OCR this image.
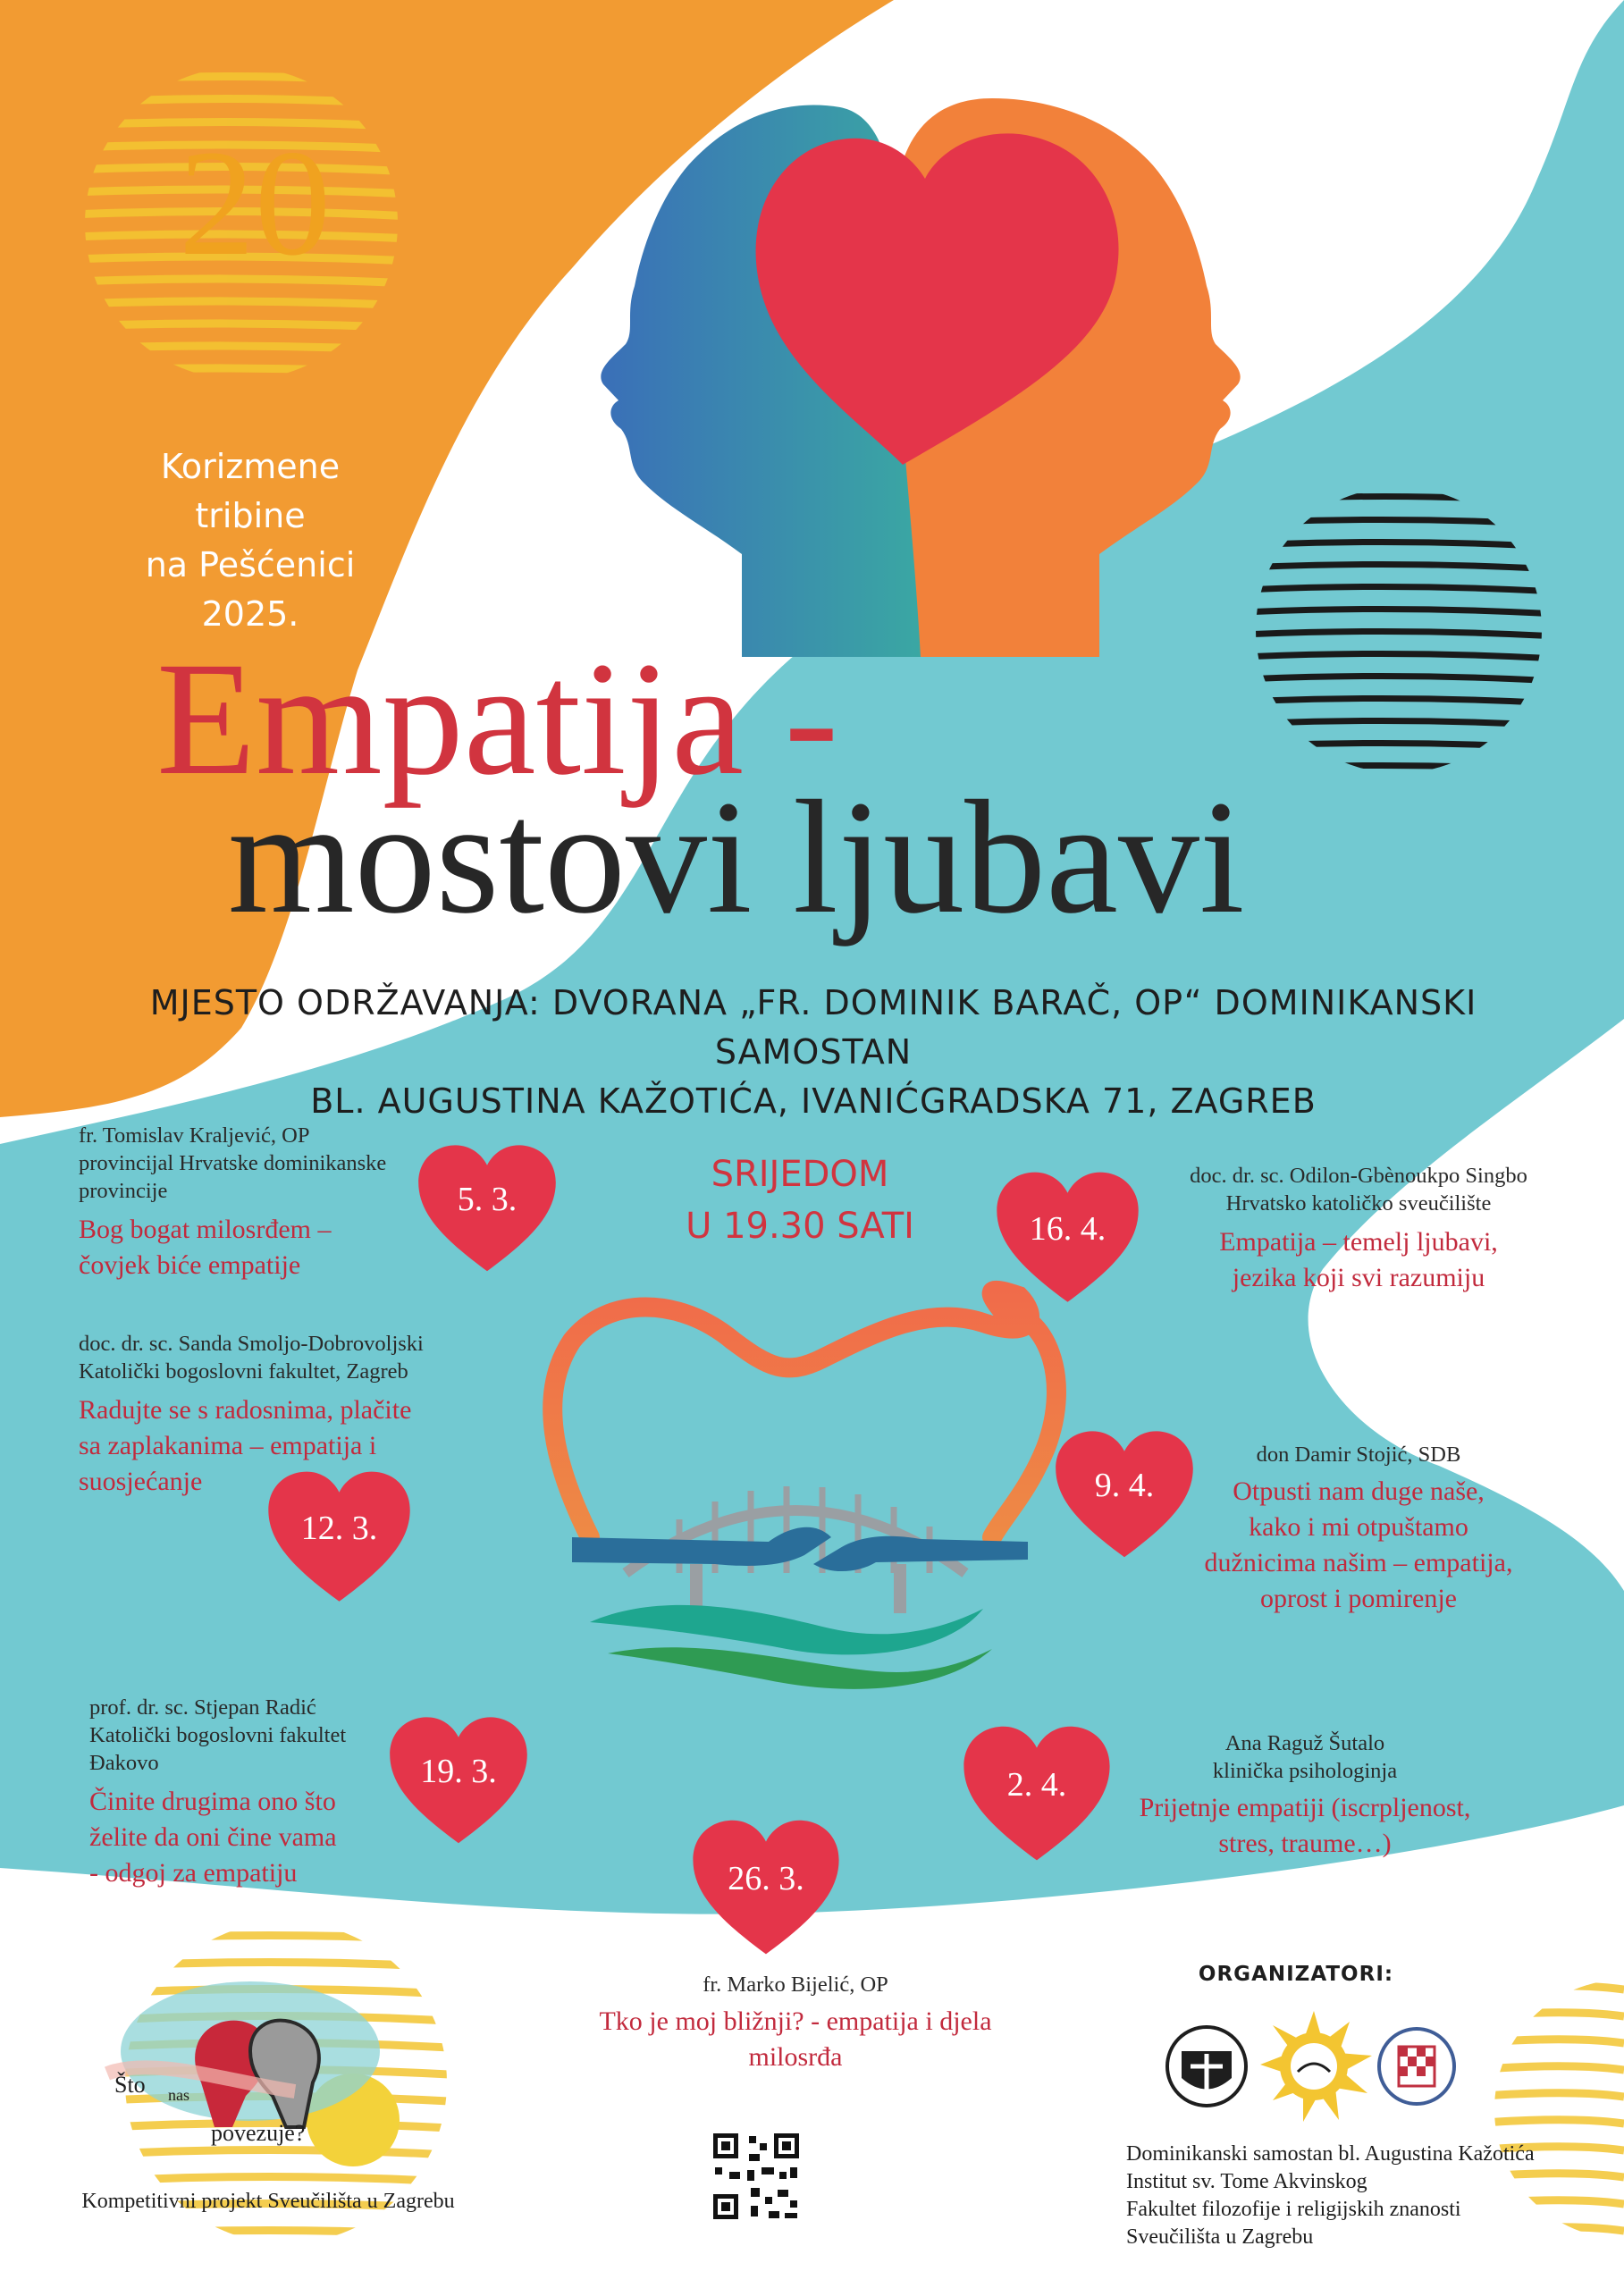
20
Korizmene tribine
na Pešćenici
2025.
Empatija -
mostovi ljubavi
MJESTO ODRŽAVANJA: DVORANA „FR. DOMINIK BARAČ, OP“ DOMINIKANSKI SAMOSTAN
BL. AUGUSTINA KAŽOTIĆA, IVANIĆGRADSKA 71, ZAGREB
SRIJEDOM
U 19.30 SATI
5. 3.
12. 3.
19. 3.
26. 3.
2. 4.
9. 4.
16. 4.
fr. Tomislav Kraljević, OP
provincijal Hrvatske dominikanske
provincije
Bog bogat milosrđem –
čovjek biće empatije
doc. dr. sc. Sanda Smoljo-Dobrovoljski
Katolički bogoslovni fakultet, Zagreb
Radujte se s radosnima, plačite
sa zaplakanima – empatija i
suosjećanje
prof. dr. sc. Stjepan Radić
Katolički bogoslovni fakultet
Đakovo
Činite drugima ono što
želite da oni čine vama
- odgoj za empatiju
fr. Marko Bijelić, OP
Tko je moj bližnji? - empatija i djela
milosrđa
Ana Raguž Šutalo
klinička psihologinja
Prijetnje empatiji (iscrpljenost,
stres, traume…)
don Damir Stojić, SDB
Otpusti nam duge naše,
kako i mi otpuštamo
dužnicima našim – empatija,
oprost i pomirenje
doc. dr. sc. Odilon-Gbènoukpo Singbo
Hrvatsko katoličko sveučilište
Empatija – temelj ljubavi,
jezika koji svi razumiju
ORGANIZATORI:
Dominikanski samostan bl. Augustina Kažotića
Institut sv. Tome Akvinskog
Fakultet filozofije i religijskih znanosti
Sveučilišta u Zagrebu
Što nas
povezuje?
Kompetitivni projekt Sveučilišta u Zagrebu
